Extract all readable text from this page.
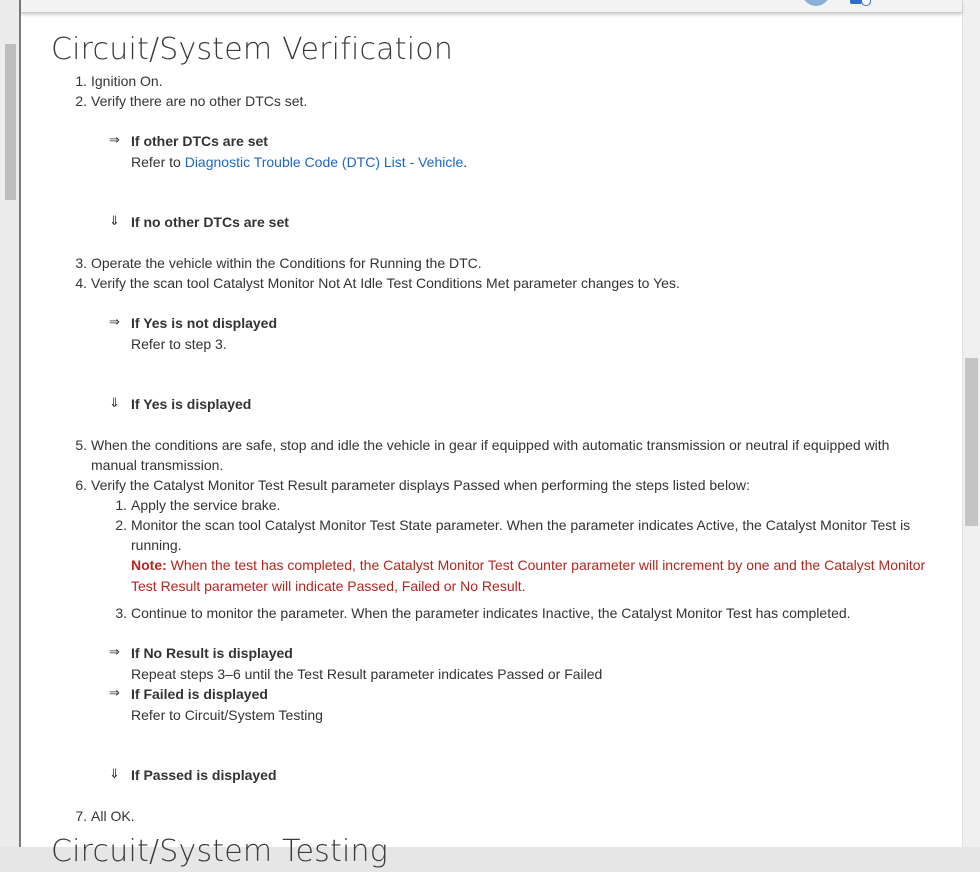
Circuit/System Verification
1. Ignition On.
2. Verify there are no other DTCs set.
⇒ If other DTCs are set
Refer to Diagnostic Trouble Code (DTC) List - Vehicle.
⇓ If no other DTCs are set
3. Operate the vehicle within the Conditions for Running the DTC.
4. Verify the scan tool Catalyst Monitor Not At Idle Test Conditions Met parameter changes to Yes.
⇒ If Yes is not displayed
Refer to step 3.
⇓ If Yes is displayed
5. When the conditions are safe, stop and idle the vehicle in gear if equipped with automatic transmission or neutral if equipped with
manual transmission.
6. Verify the Catalyst Monitor Test Result parameter displays Passed when performing the steps listed below:
1. Apply the service brake.
2. Monitor the scan tool Catalyst Monitor Test State parameter. When the parameter indicates Active, the Catalyst Monitor Test is
running.
Note: When the test has completed, the Catalyst Monitor Test Counter parameter will increment by one and the Catalyst Monitor
Test Result parameter will indicate Passed, Failed or No Result.
3. Continue to monitor the parameter. When the parameter indicates Inactive, the Catalyst Monitor Test has completed.
⇒ If No Result is displayed
Repeat steps 3–6 until the Test Result parameter indicates Passed or Failed
⇒ If Failed is displayed
Refer to Circuit/System Testing
⇓ If Passed is displayed
7. All OK.
Circuit/System Testing
